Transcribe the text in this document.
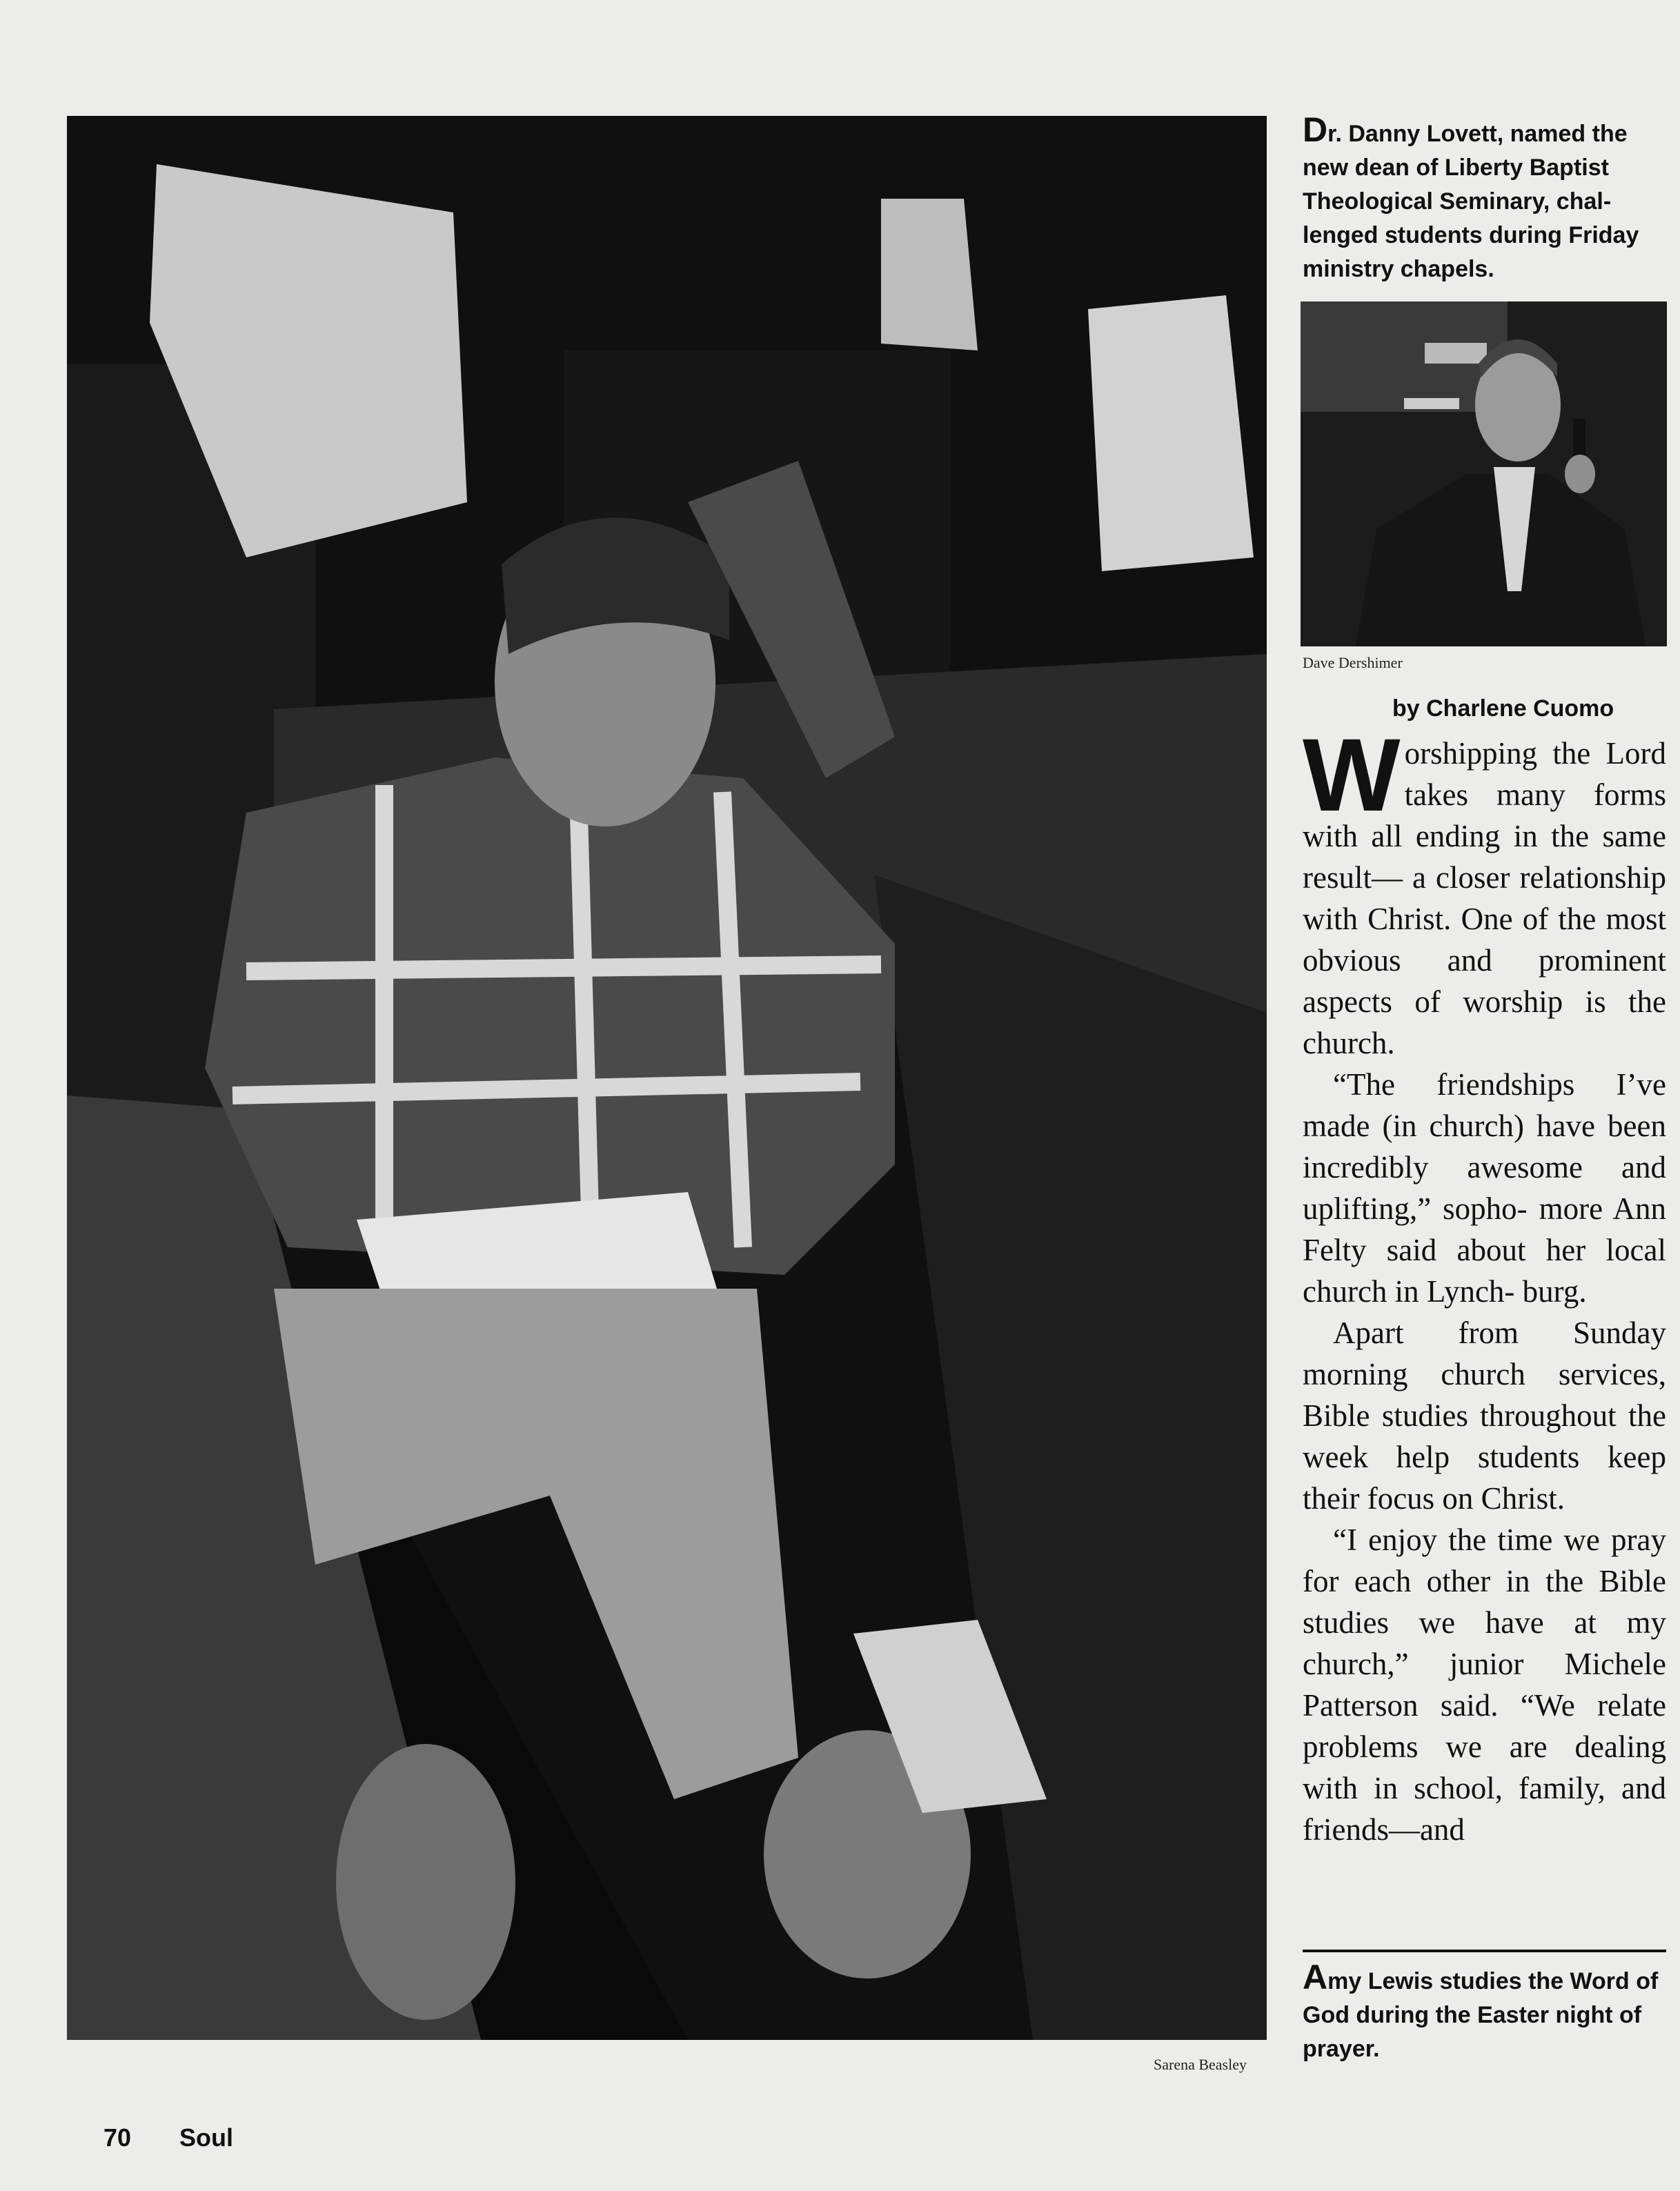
Dave Dershimer
Dr. Danny Lovett, named the new dean of Liberty Baptist Theological Seminary, chal- lenged students during Friday ministry chapels.
by Charlene Cuomo

Worshipping the Lord takes many forms with all ending in the same result— a closer relationship with Christ. One of the most obvious and prominent aspects of worship is the church.

“The friendships I’ve made (in church) have been incredibly awesome and uplifting,” sopho- more Ann Felty said about her local church in Lynch- burg.

Apart from Sunday morning church services, Bible studies throughout the week help students keep their focus on Christ.

“I enjoy the time we pray for each other in the Bible studies we have at my church,” junior Michele Patterson said. “We relate problems we are dealing with in school, family, and friends—and

Amy Lewis studies the Word of God during the Easter night of prayer.
Sarena Beasley
70 Soul
